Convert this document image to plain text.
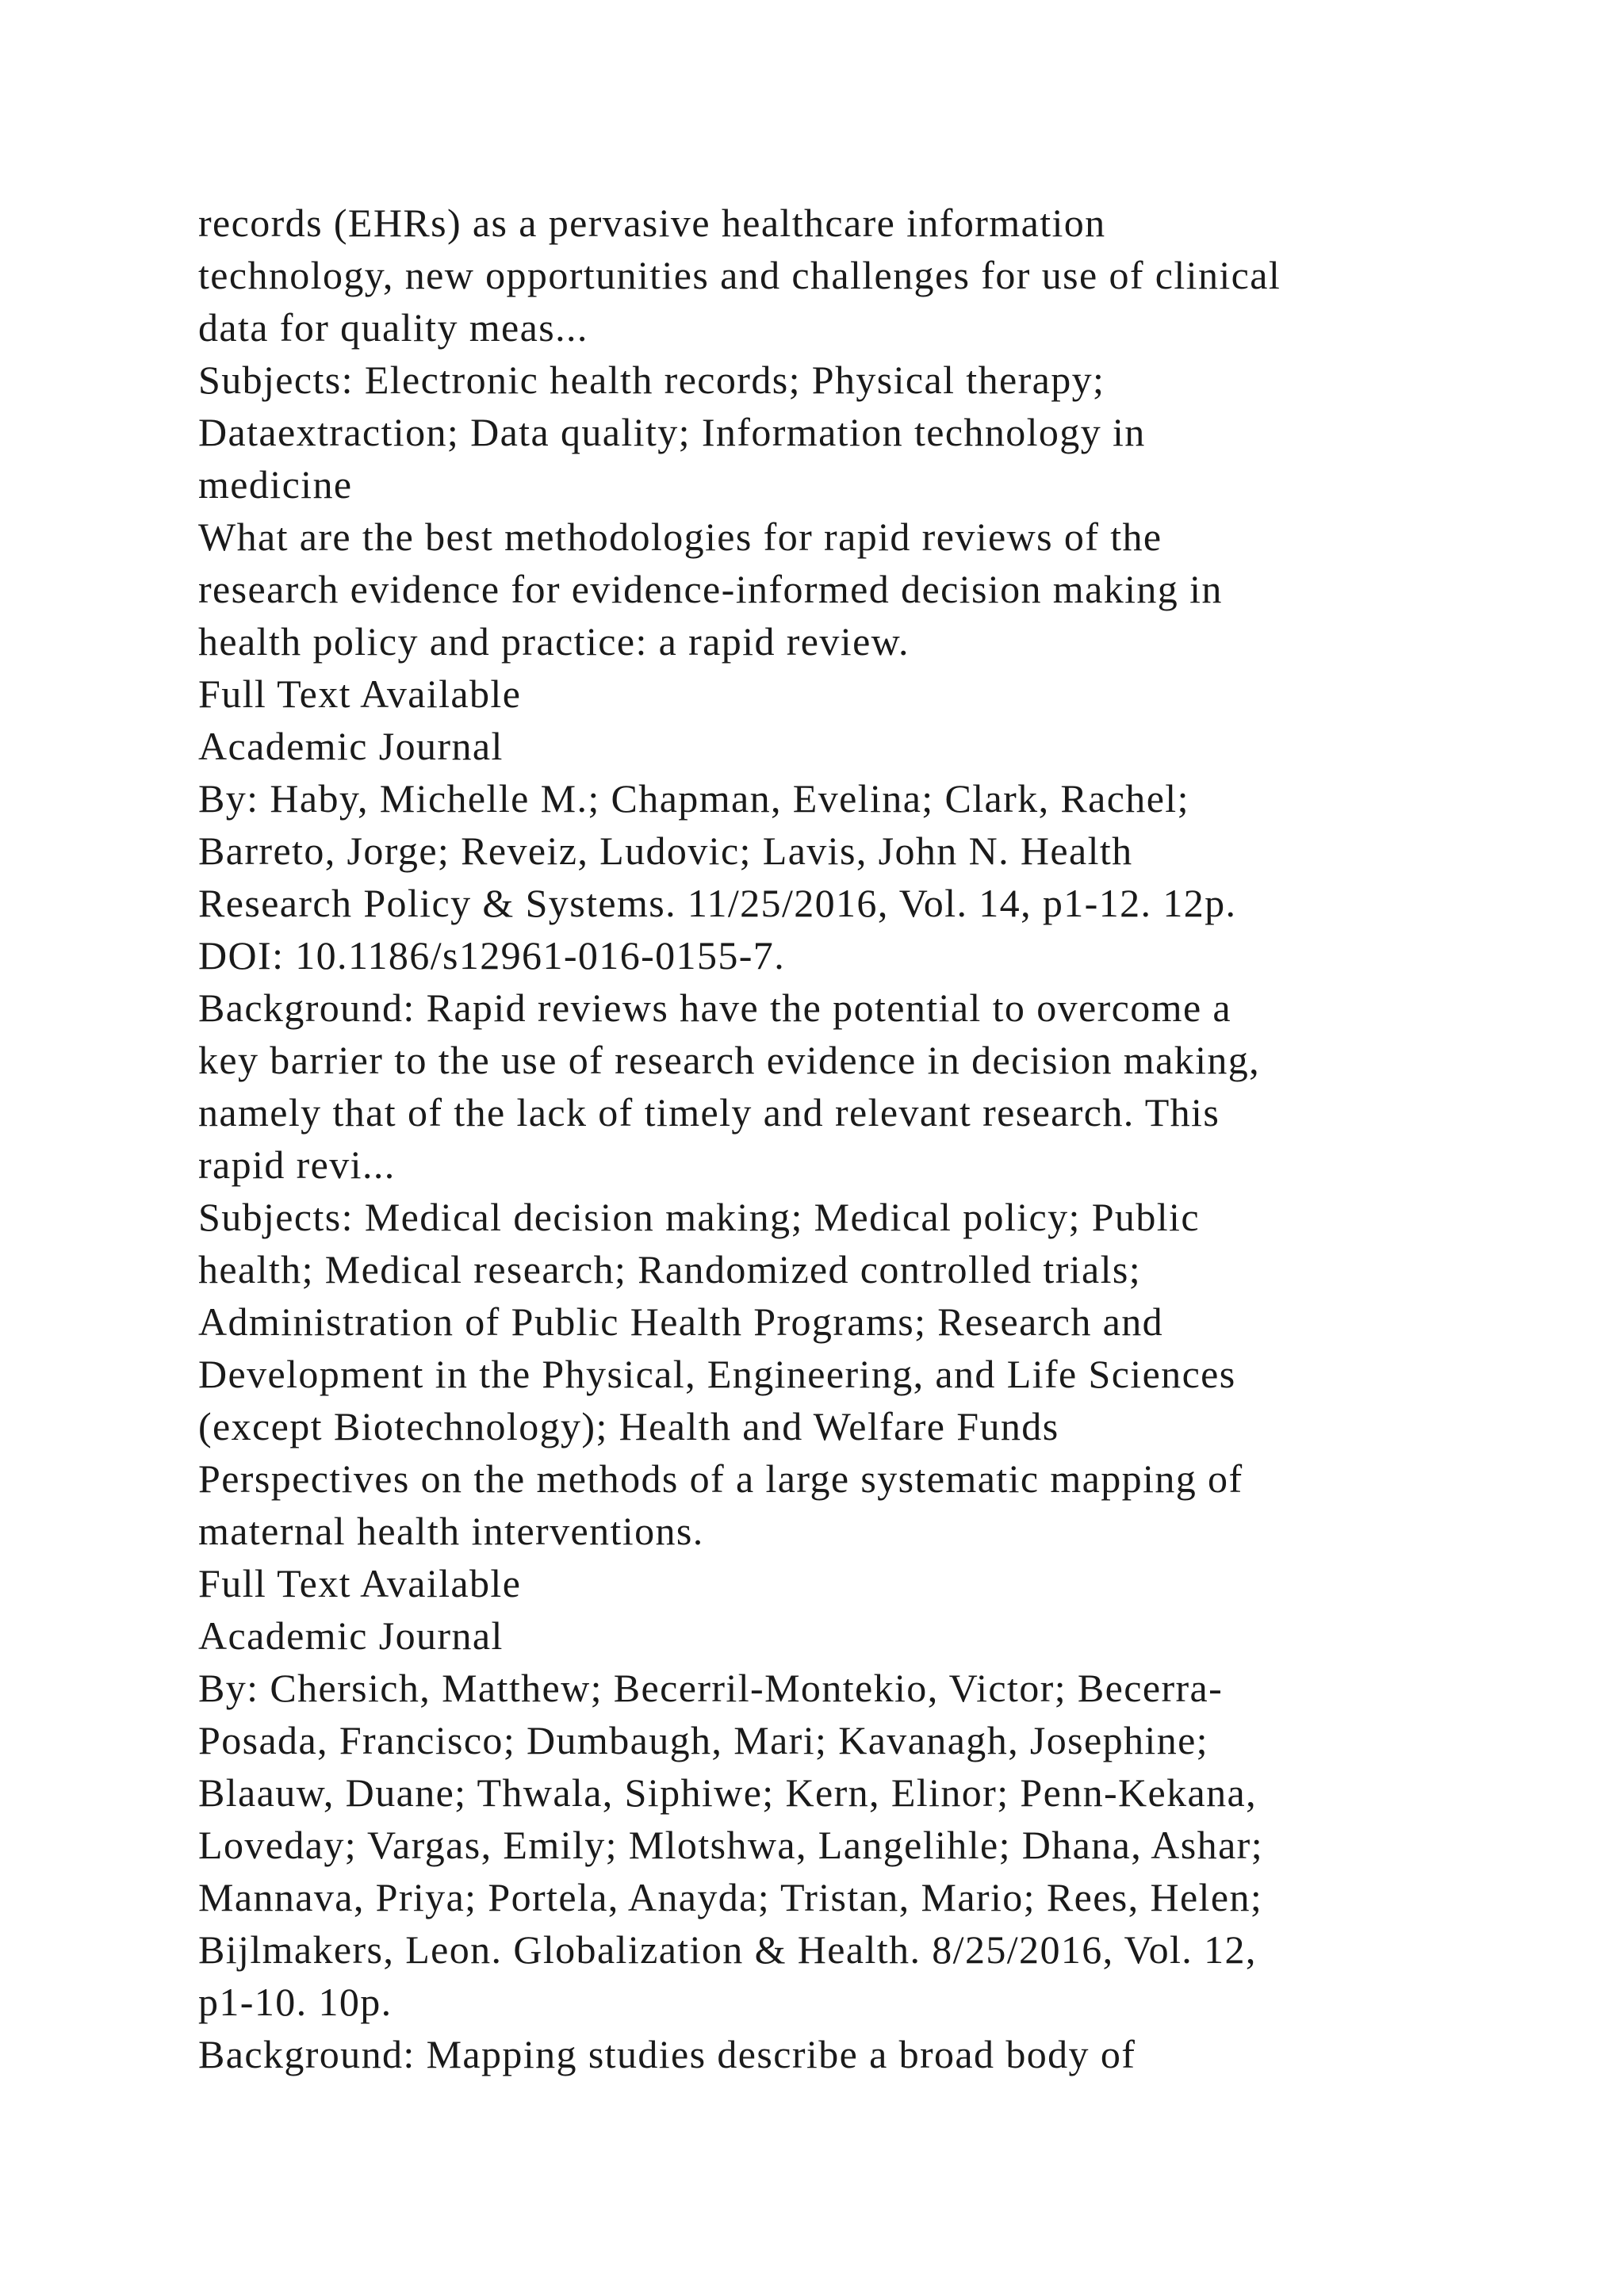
records (EHRs) as a pervasive healthcare information
technology, new opportunities and challenges for use of clinical
data for quality meas...
Subjects: Electronic health records; Physical therapy;
Dataextraction; Data quality; Information technology in
medicine
What are the best methodologies for rapid reviews of the
research evidence for evidence-informed decision making in
health policy and practice: a rapid review.
Full Text Available
Academic Journal
By: Haby, Michelle M.; Chapman, Evelina; Clark, Rachel;
Barreto, Jorge; Reveiz, Ludovic; Lavis, John N. Health
Research Policy & Systems. 11/25/2016, Vol. 14, p1-12. 12p.
DOI: 10.1186/s12961-016-0155-7.
Background: Rapid reviews have the potential to overcome a
key barrier to the use of research evidence in decision making,
namely that of the lack of timely and relevant research. This
rapid revi...
Subjects: Medical decision making; Medical policy; Public
health; Medical research; Randomized controlled trials;
Administration of Public Health Programs; Research and
Development in the Physical, Engineering, and Life Sciences
(except Biotechnology); Health and Welfare Funds
Perspectives on the methods of a large systematic mapping of
maternal health interventions.
Full Text Available
Academic Journal
By: Chersich, Matthew; Becerril-Montekio, Victor; Becerra-
Posada, Francisco; Dumbaugh, Mari; Kavanagh, Josephine;
Blaauw, Duane; Thwala, Siphiwe; Kern, Elinor; Penn-Kekana,
Loveday; Vargas, Emily; Mlotshwa, Langelihle; Dhana, Ashar;
Mannava, Priya; Portela, Anayda; Tristan, Mario; Rees, Helen;
Bijlmakers, Leon. Globalization & Health. 8/25/2016, Vol. 12,
p1-10. 10p.
Background: Mapping studies describe a broad body of
